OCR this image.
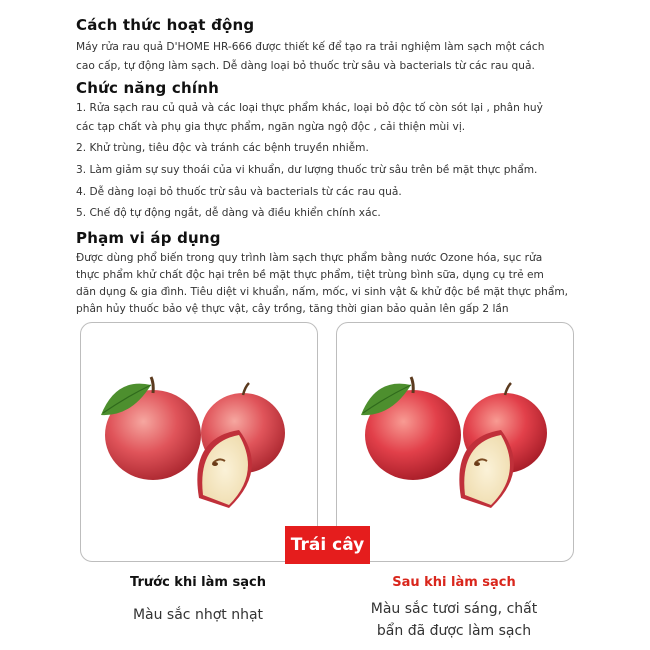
Cách thức hoạt động
Máy rửa rau quả D'HOME HR-666 được thiết kế để tạo ra trải nghiệm làm sạch một cách
cao cấp, tự động làm sạch. Dễ dàng loại bỏ thuốc trừ sâu và bacterials từ các rau quả.
Chức năng chính
1. Rửa sạch rau củ quả và các loại thực phẩm khác, loại bỏ độc tố còn sót lại , phân huỷ
các tạp chất và phụ gia thực phẩm, ngăn ngừa ngộ độc , cải thiện mùi vị.
2. Khử trùng, tiêu độc và tránh các bệnh truyền nhiễm.
3. Làm giảm sự suy thoái của vi khuẩn, dư lượng thuốc trừ sâu trên bề mặt thực phẩm.
4. Dễ dàng loại bỏ thuốc trừ sâu và bacterials từ các rau quả.
5. Chế độ tự động ngắt, dễ dàng và điều khiển chính xác.
Phạm vi áp dụng
Được dùng phổ biến trong quy trình làm sạch thực phẩm bằng nước Ozone hóa, sục rửa
thực phẩm khử chất độc hại trên bề mặt thực phẩm, tiệt trùng bình sữa, dụng cụ trẻ em
dăn dụng & gia đình. Tiêu diệt vi khuẩn, nấm, mốc, vi sinh vật & khử độc bề mặt thực phẩm,
phân hủy thuốc bảo vệ thực vật, cây trồng, tăng thời gian bảo quản lên gấp 2 lần
Trái cây
Trước khi làm sạch
Màu sắc nhợt nhạt
Sau khi làm sạch
Màu sắc tươi sáng, chất
bẩn đã được làm sạch
